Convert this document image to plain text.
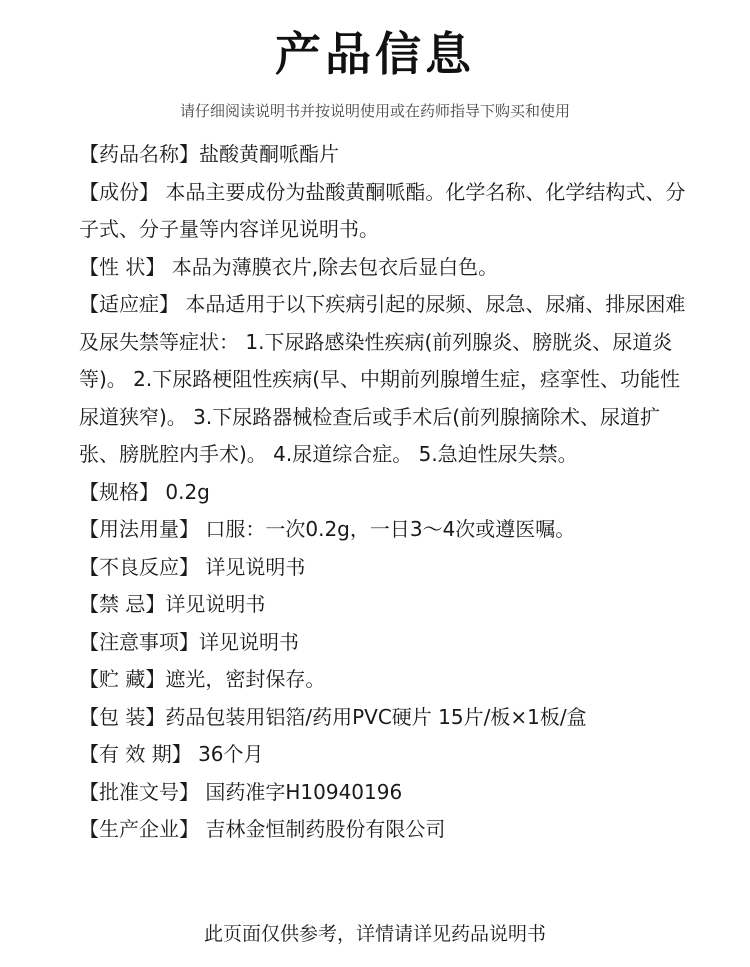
产品信息
请仔细阅读说明书并按说明使用或在药师指导下购买和使用

【药品名称】盐酸黄酮哌酯片

【成份】 本品主要成份为盐酸黄酮哌酯。化学名称、化学结构式、分子式、分子量等内容详见说明书。

【性 状】 本品为薄膜衣片,除去包衣后显白色。

【适应症】 本品适用于以下疾病引起的尿频、尿急、尿痛、排尿困难及尿失禁等症状： 1.下尿路感染性疾病(前列腺炎、膀胱炎、尿道炎等)。 2.下尿路梗阻性疾病(早、中期前列腺增生症，痉挛性、功能性尿道狭窄)。 3.下尿路器械检查后或手术后(前列腺摘除术、尿道扩张、膀胱腔内手术)。 4.尿道综合症。 5.急迫性尿失禁。

【规格】 0.2g

【用法用量】 口服：一次0.2g，一日3～4次或遵医嘱。

【不良反应】 详见说明书

【禁 忌】详见说明书

【注意事项】详见说明书

【贮 藏】遮光，密封保存。

【包 装】药品包装用铝箔/药用PVC硬片 15片/板×1板/盒

【有 效 期】 36个月

【批准文号】 国药准字H10940196

【生产企业】 吉林金恒制药股份有限公司

此页面仅供参考，详情请详见药品说明书
